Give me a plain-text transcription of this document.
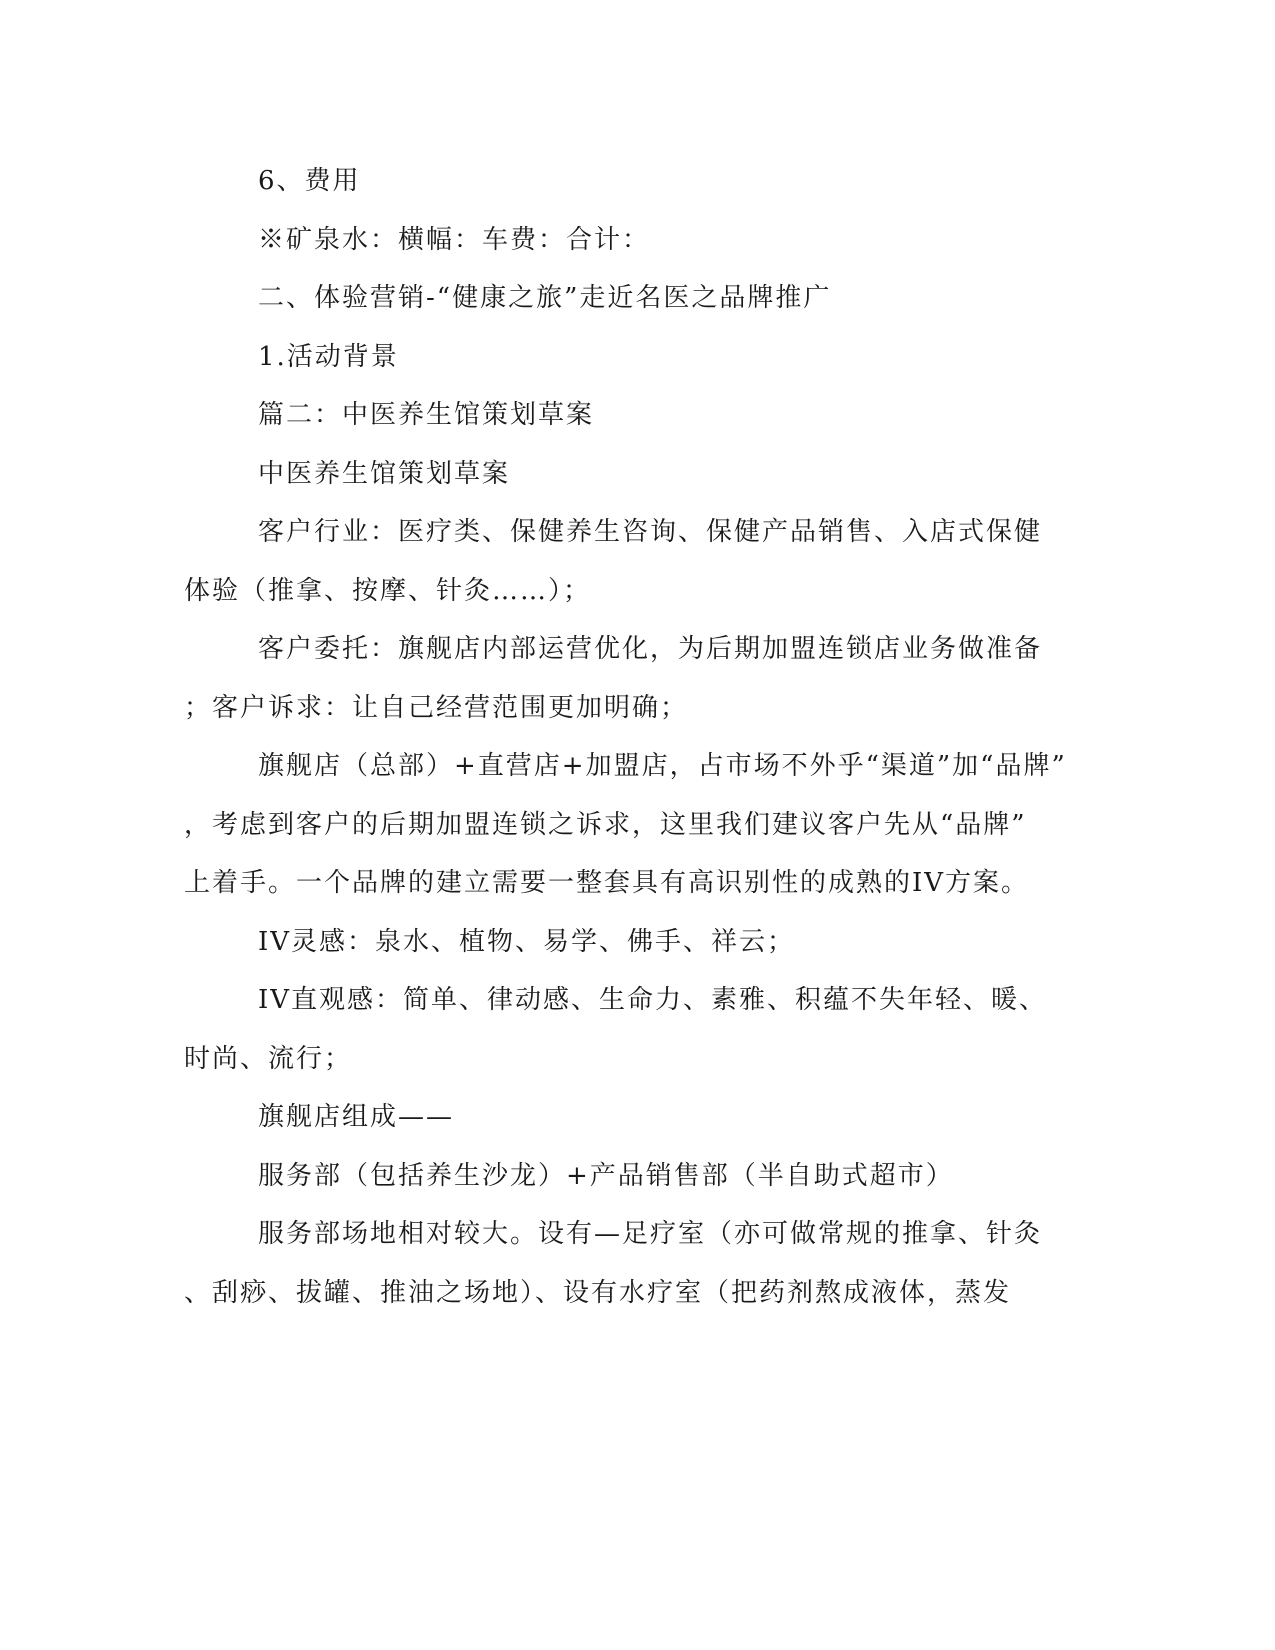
6、费用
※矿泉水：横幅：车费：合计：
二、体验营销-“健康之旅”走近名医之品牌推广
1.活动背景
篇二：中医养生馆策划草案
中医养生馆策划草案
客户行业：医疗类、保健养生咨询、保健产品销售、入店式保健
体验（推拿、按摩、针灸……）；
客户委托：旗舰店内部运营优化，为后期加盟连锁店业务做准备
；客户诉求：让自己经营范围更加明确；
旗舰店（总部）+直营店+加盟店，占市场不外乎“渠道”加“品牌”
，考虑到客户的后期加盟连锁之诉求，这里我们建议客户先从“品牌”
上着手。一个品牌的建立需要一整套具有高识别性的成熟的IV方案。
IV灵感：泉水、植物、易学、佛手、祥云；
IV直观感：简单、律动感、生命力、素雅、积蕴不失年轻、暖、
时尚、流行；
旗舰店组成——
服务部（包括养生沙龙）+产品销售部（半自助式超市）
服务部场地相对较大。设有—足疗室（亦可做常规的推拿、针灸
、刮痧、拔罐、推油之场地）、设有水疗室（把药剂熬成液体，蒸发
